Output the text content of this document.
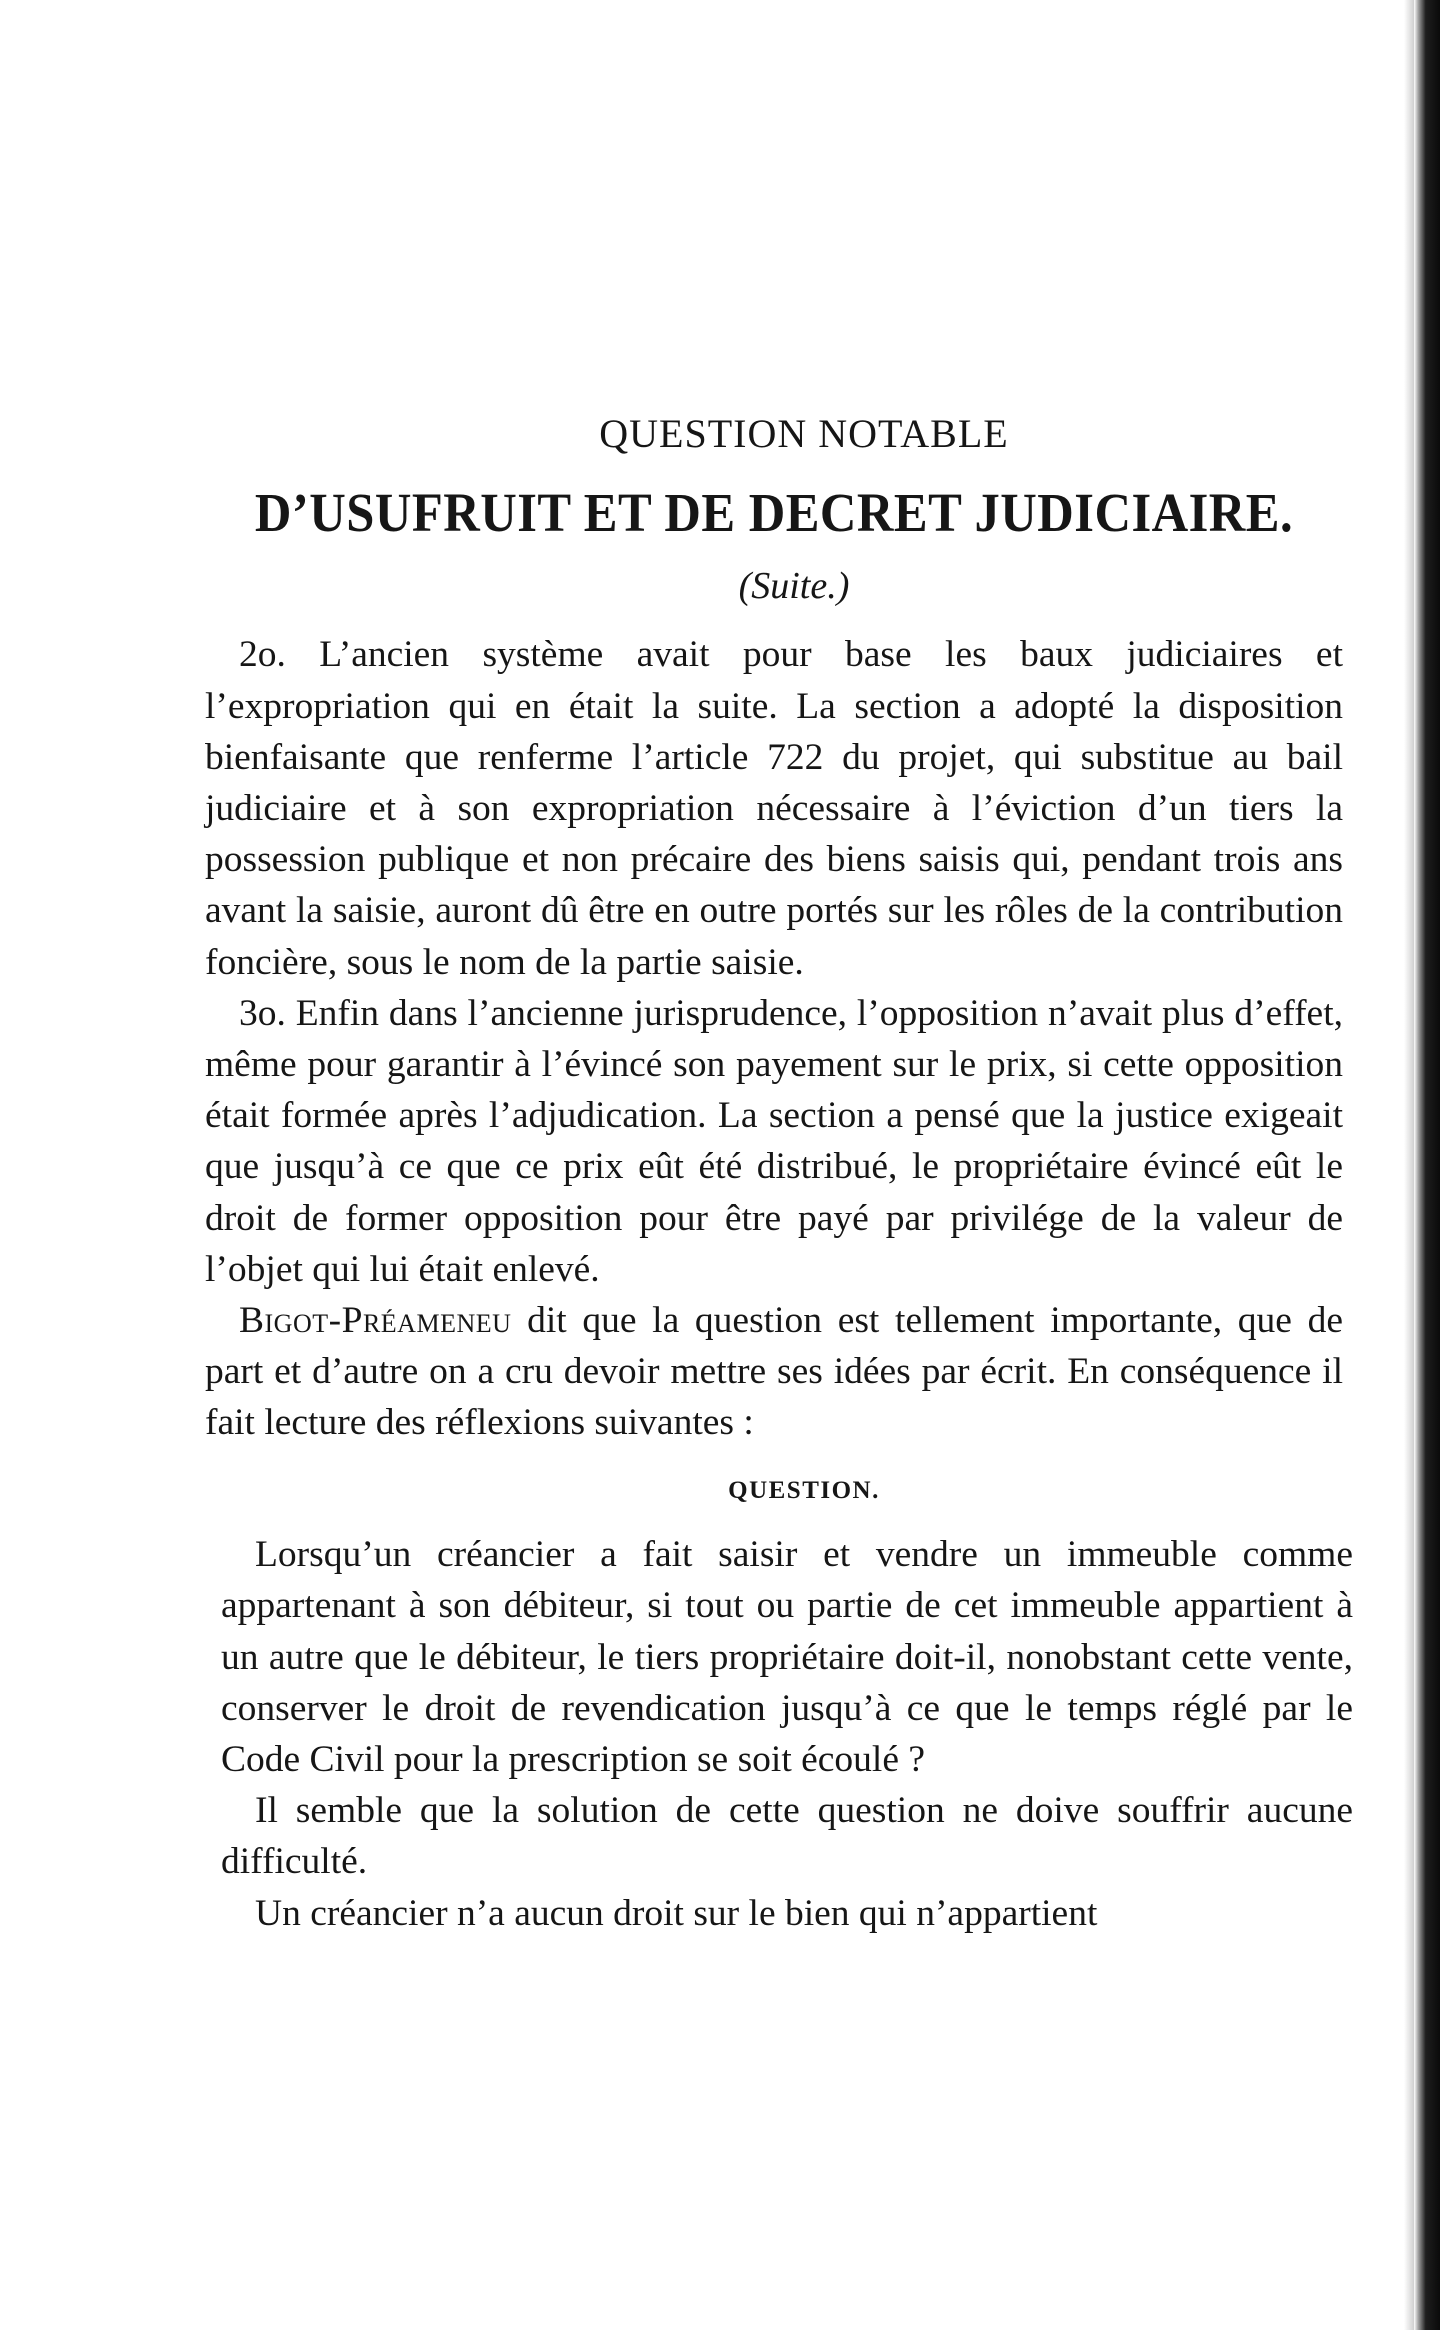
QUESTION NOTABLE
D’USUFRUIT ET DE DECRET JUDICIAIRE.
(Suite.)

2o. L’ancien système avait pour base les baux judiciaires et l’expropriation qui en était la suite. La section a adopté la disposition bienfaisante que renferme l’article 722 du projet, qui substitue au bail judiciaire et à son expropriation nécessaire à l’éviction d’un tiers la possession publique et non précaire des biens saisis qui, pendant trois ans avant la saisie, auront dû être en outre portés sur les rôles de la contribution foncière, sous le nom de la partie saisie.

3o. Enfin dans l’ancienne jurisprudence, l’opposition n’avait plus d’effet, même pour garantir à l’évincé son payement sur le prix, si cette opposition était formée après l’adjudication. La section a pensé que la justice exigeait que jusqu’à ce que ce prix eût été distribué, le propriétaire évincé eût le droit de former opposition pour être payé par privilége de la valeur de l’objet qui lui était enlevé.

Bigot-Préameneu dit que la question est tellement importante, que de part et d’autre on a cru devoir mettre ses idées par écrit. En conséquence il fait lecture des réflexions suivantes :

QUESTION.

Lorsqu’un créancier a fait saisir et vendre un immeuble comme appartenant à son débiteur, si tout ou partie de cet immeuble appartient à un autre que le débiteur, le tiers propriétaire doit-il, nonobstant cette vente, conserver le droit de revendication jusqu’à ce que le temps réglé par le Code Civil pour la prescription se soit écoulé ?

Il semble que la solution de cette question ne doive souffrir aucune difficulté.

Un créancier n’a aucun droit sur le bien qui n’appartient
